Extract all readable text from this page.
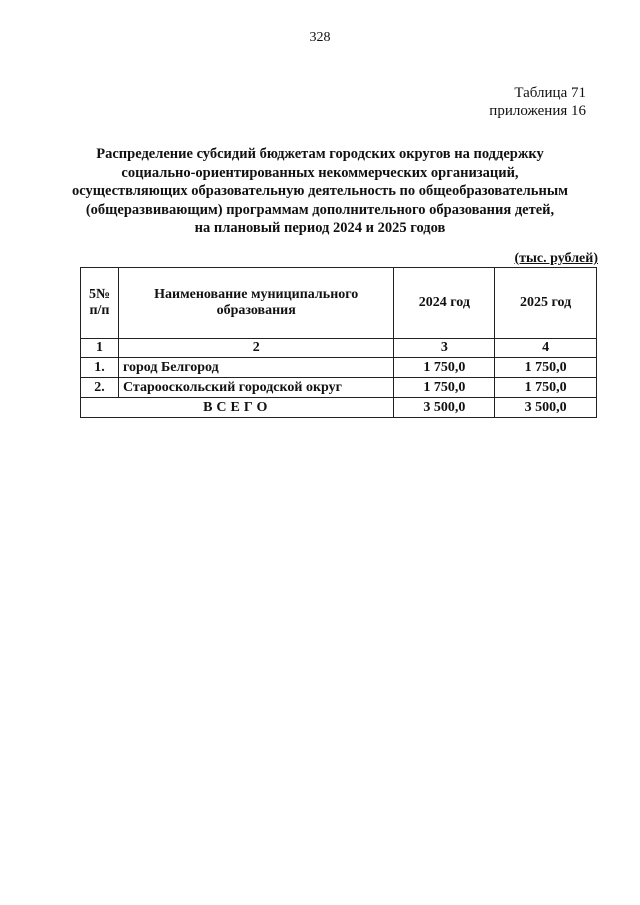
328
Таблица 71
приложения 16
Распределение субсидий бюджетам городских округов на поддержку
социально-ориентированных некоммерческих организаций,
осуществляющих образовательную деятельность по общеобразовательным
(общеразвивающим) программам дополнительного образования детей,
на плановый период 2024 и 2025 годов
(тыс. рублей)
5№ п/п	Наименование муниципального образования	2024 год	2025 год
1	2	3	4
1.	город Белгород	1 750,0	1 750,0
2.	Старооскольский городской округ	1 750,0	1 750,0
ВСЕГО		3 500,0	3 500,0
